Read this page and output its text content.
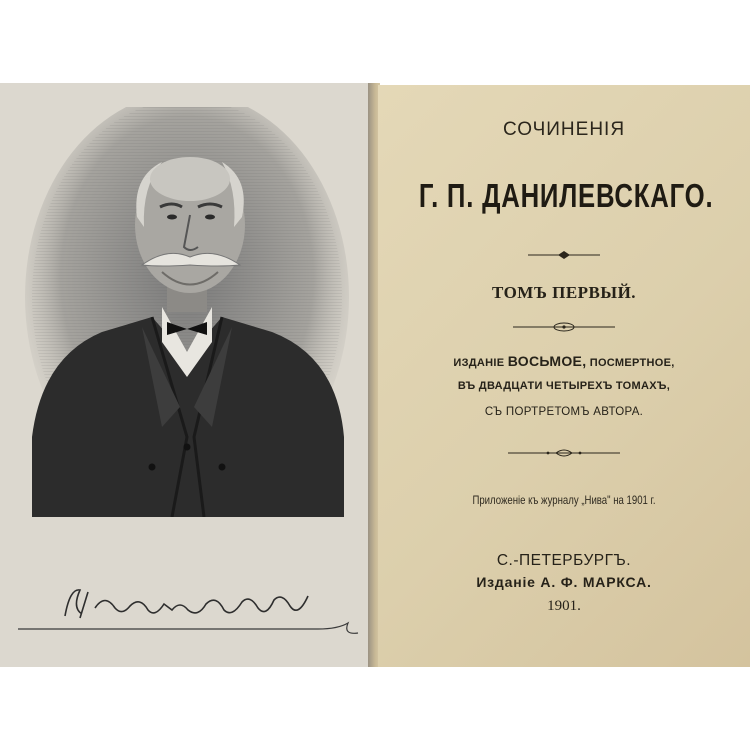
СОЧИНЕНІЯ
Г. П. ДАНИЛЕВСКАГО.
ТОМЪ ПЕРВЫЙ.
ИЗДАНІЕ ВОСЬМОЕ, ПОСМЕРТНОЕ,
ВЪ ДВАДЦАТИ ЧЕТЫРЕХЪ ТОМАХЪ,
СЪ ПОРТРЕТОМЪ АВТОРА.
Приложеніе къ журналу „Нива" на 1901 г.
С.-ПЕТЕРБУРГЪ.
Изданіе А. Ф. МАРКСА.
1901.
